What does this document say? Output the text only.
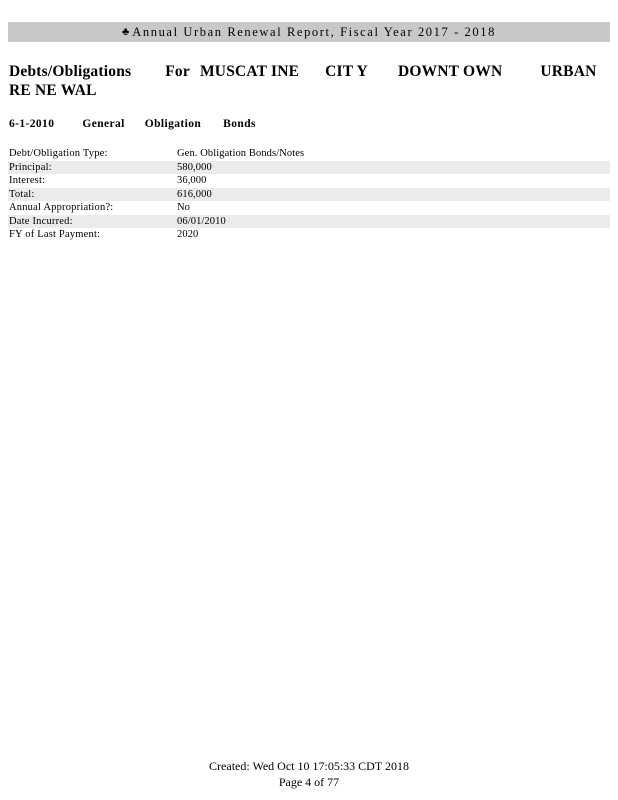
♣ Annual Urban Renewal Report, Fiscal Year 2017 - 2018
Debts/Obligations For MUSCAT INE CIT Y DOWNT OWN URBAN
RE NE WAL
6-1-2010 General Obligation Bonds
Debt/Obligation Type:	Gen. Obligation Bonds/Notes
Principal:	580,000
Interest:	36,000
Total:	616,000
Annual Appropriation?:	No
Date Incurred:	06/01/2010
FY of Last Payment:	2020
Created: Wed Oct 10 17:05:33 CDT 2018
Page 4 of 77
